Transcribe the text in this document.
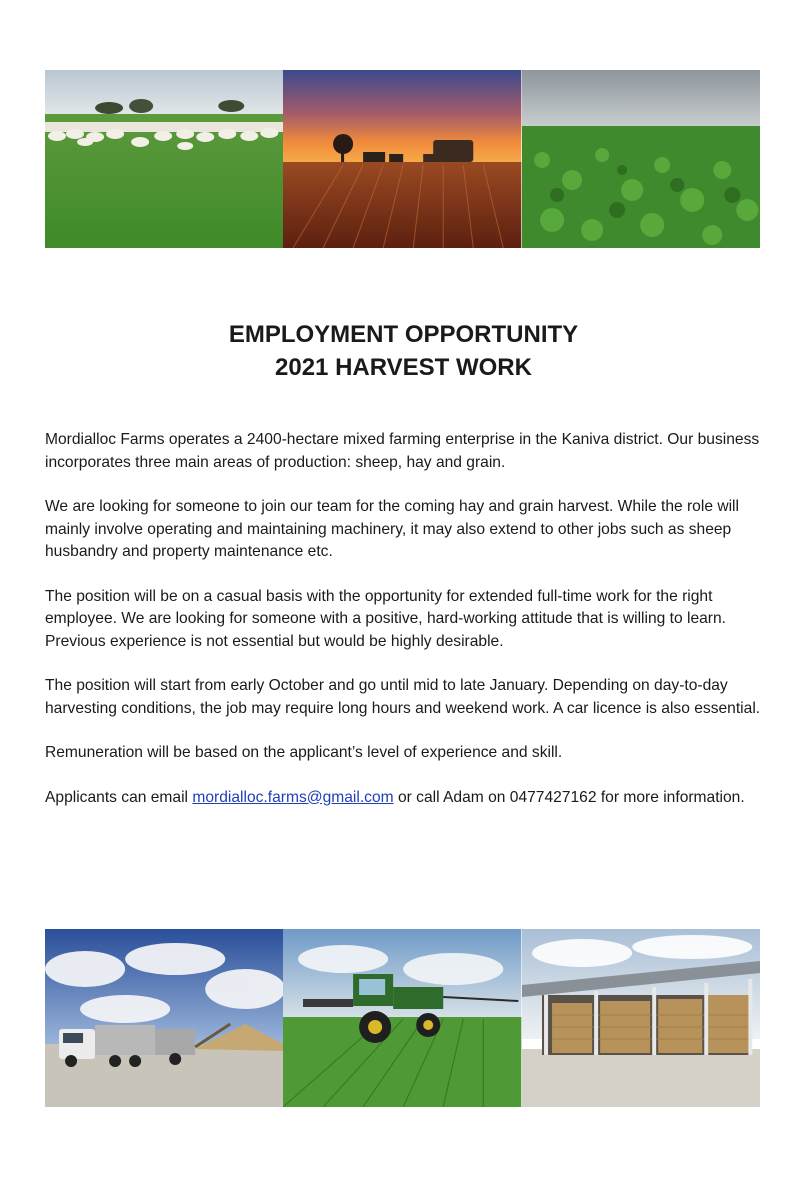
EMPLOYMENT OPPORTUNITY
2021 HARVEST WORK

Mordialloc Farms operates a 2400-hectare mixed farming enterprise in the Kaniva district. Our business incorporates three main areas of production: sheep, hay and grain.

We are looking for someone to join our team for the coming hay and grain harvest. While the role will mainly involve operating and maintaining machinery, it may also extend to other jobs such as sheep husbandry and property maintenance etc.

The position will be on a casual basis with the opportunity for extended full-time work for the right employee. We are looking for someone with a positive, hard-working attitude that is willing to learn. Previous experience is not essential but would be highly desirable.

The position will start from early October and go until mid to late January. Depending on day-to-day harvesting conditions, the job may require long hours and weekend work. A car licence is also essential.

Remuneration will be based on the applicant’s level of experience and skill.

Applicants can email mordialloc.farms@gmail.com or call Adam on 0477427162 for more information.
